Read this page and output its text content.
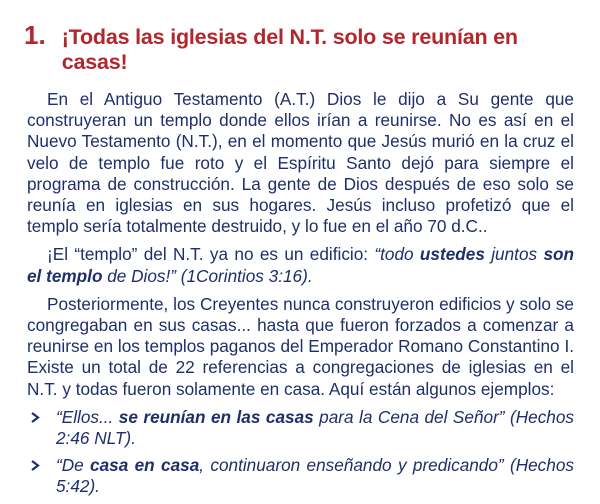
1. ¡Todas las iglesias del N.T. solo se reunían en casas!

En el Antiguo Testamento (A.T.) Dios le dijo a Su gente que construyeran un templo donde ellos irían a reunirse. No es así en el Nuevo Testamento (N.T.), en el momento que Jesús murió en la cruz el velo de templo fue roto y el Espíritu Santo dejó para siempre el programa de construcción. La gente de Dios después de eso solo se reunía en iglesias en sus hogares. Jesús incluso profetizó que el templo sería totalmente destruido, y lo fue en el año 70 d.C..

¡El “templo” del N.T. ya no es un edificio: “todo ustedes juntos son el templo de Dios!” (1Corintios 3:16).

Posteriormente, los Creyentes nunca construyeron edificios y solo se congregaban en sus casas... hasta que fueron forzados a comenzar a reunirse en los templos paganos del Emperador Romano Constantino I. Existe un total de 22 referencias a congregaciones de iglesias en el N.T. y todas fueron solamente en casa. Aquí están algunos ejemplos:

“Ellos... se reunían en las casas para la Cena del Señor” (Hechos 2:46 NLT).
“De casa en casa, continuaron enseñando y predicando” (Hechos 5:42).
